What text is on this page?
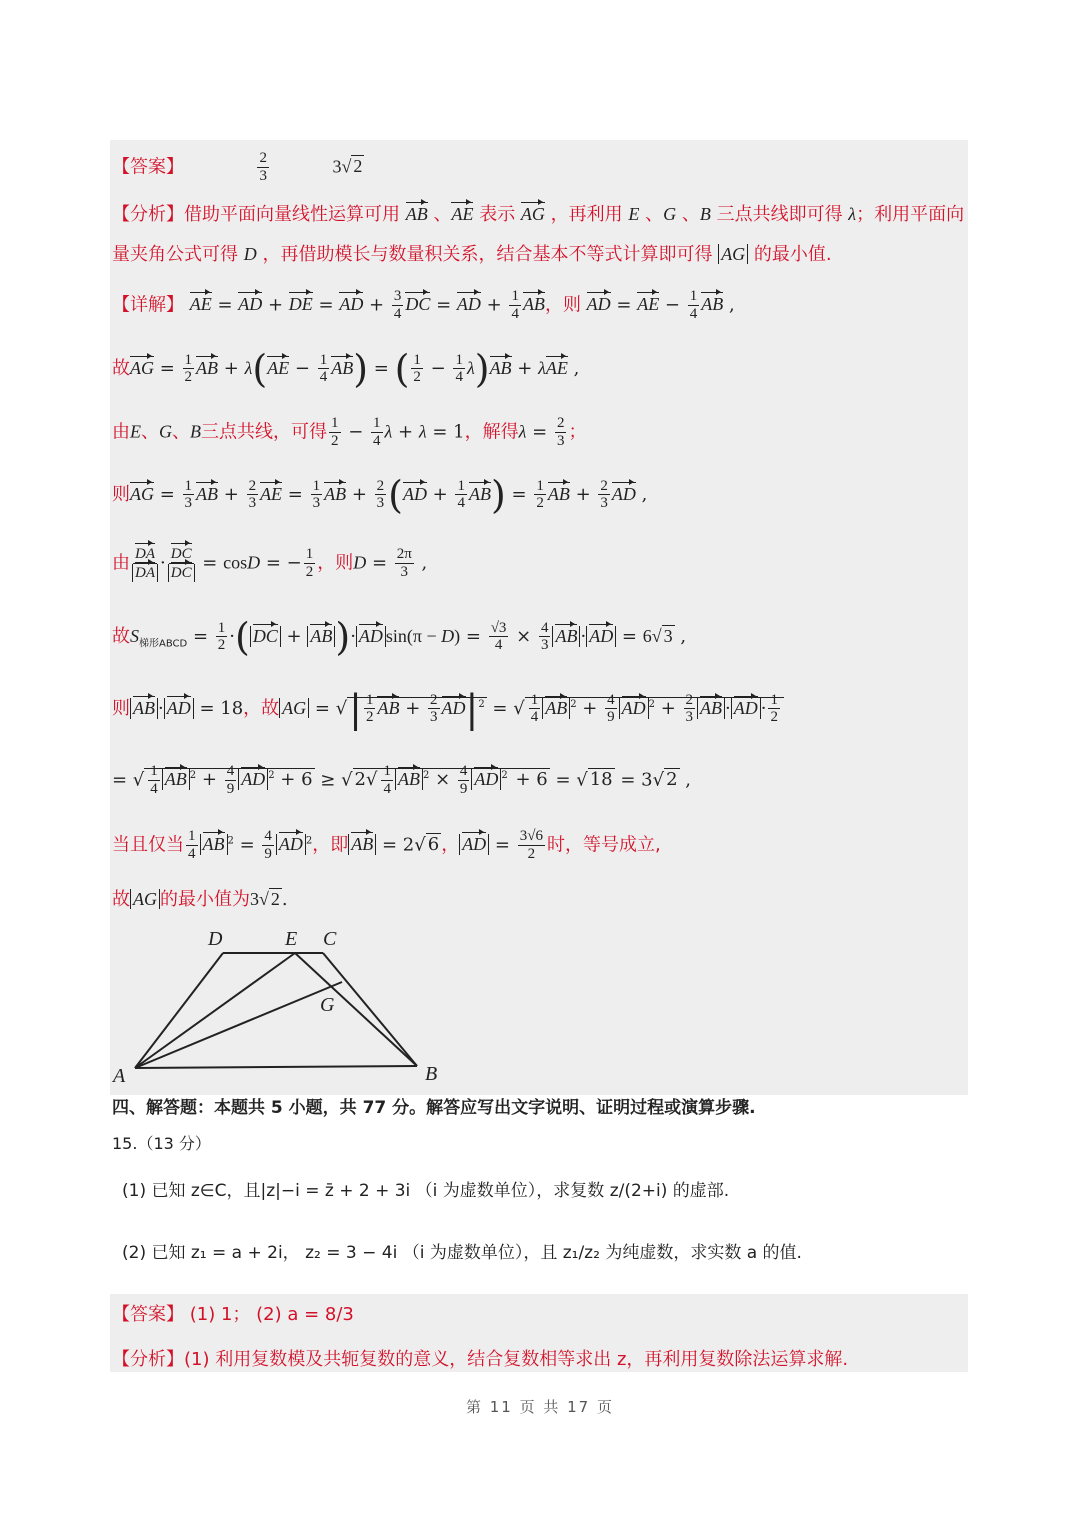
【答案】	$\frac{2}{3}$	3√ 2
【分析】借助平面向量线性运算可用 AB 、AE 表示 AG ，再利用 E 、G 、B 三点共线即可得 λ；利用平面向
量夹角公式可得 D ，再借助模长与数量积关系，结合基本不等式计算即可得 AG 的最小值.
【详解】 AE = AD + DE = AD + $\frac{3}{4}$ DC = AD + $\frac{1}{4}$ AB，则 AD = AE − $\frac{1}{4}$ AB ,
故AG = $\frac{1}{2}$ AB + $\lambda(AE - \frac{1}{4} AB)$ = ( $\frac{1}{2} - \frac{1}{4} \lambda)AB + \lambda AE$ ,
由E、G、B三点共线，可得 $\frac{1}{2} - \frac{1}{4}$ λ + λ = 1，解得$\lambda = \frac{2}{3}$ ；
则AG = $\frac{1}{3}$ AB + $\frac{2}{3}$ AE = $\frac{1}{3}$ AB + $\frac{2}{3} (AD + \frac{1}{4} AB) = \frac{1}{2}$ AB + $\frac{2}{3}$ AD ,
由 $\frac{DA}{DA} \cdot \frac{DC}{DC} = \cos D$ = − $\frac{1}{2}$ ，则$D = \frac{2\pi}{3}$ ,
故$S_{梯形ABCD} = \frac{1}{2}$ ·( DC + AB)· AD $\sin(\pi - D) = \frac{√3}{4} \times \frac{4}{3}$ AB · AD = 6√ 3 ,
则 AB · AD = 18，故 AG = √| $\frac{1}{2}$ AB + $\frac{2}{3} AD|^2$ = √ $\frac{1}{4}$ AB $^2 + \frac{4}{9}$ AD $^2 + \frac{2}{3}$ AB · AD · $\frac{1}{2}$
= √ $\frac{1}{4}$ AB $^2 + \frac{4}{9}$ AD $^2$ + 6 ≥ √ $2√ \frac{1}{4}$ AB $^2 \times \frac{4}{9}$ AD $^2$ + 6 = √ 18 = 3√ 2 ,
当且仅当 $\frac{1}{4}$ AB $^2 = \frac{4}{9}$ AD $^2$，即 AB = 2√ 6 ， AD = $\frac{3√6}{2}$ 时，等号成立,
故 AG 的最小值为3√ 2 .
D	E C
G
A	B
四、解答题：本题共 5 小题，共 77 分。解答应写出文字说明、证明过程或演算步骤.
15.（13 分）
(1) 已知 z∈C，且|z|−i = z̄ + 2 + 3i （i 为虚数单位），求复数 z/(2+i) 的虚部.
(2) 已知 z₁ = a + 2i， z₂ = 3 − 4i （i 为虚数单位），且 z₁/z₂ 为纯虚数，求实数 a 的值.
【答案】 (1) 1； (2) a = 8/3
【分析】(1) 利用复数模及共轭复数的意义，结合复数相等求出 z，再利用复数除法运算求解.
第 11 页 共 17 页
